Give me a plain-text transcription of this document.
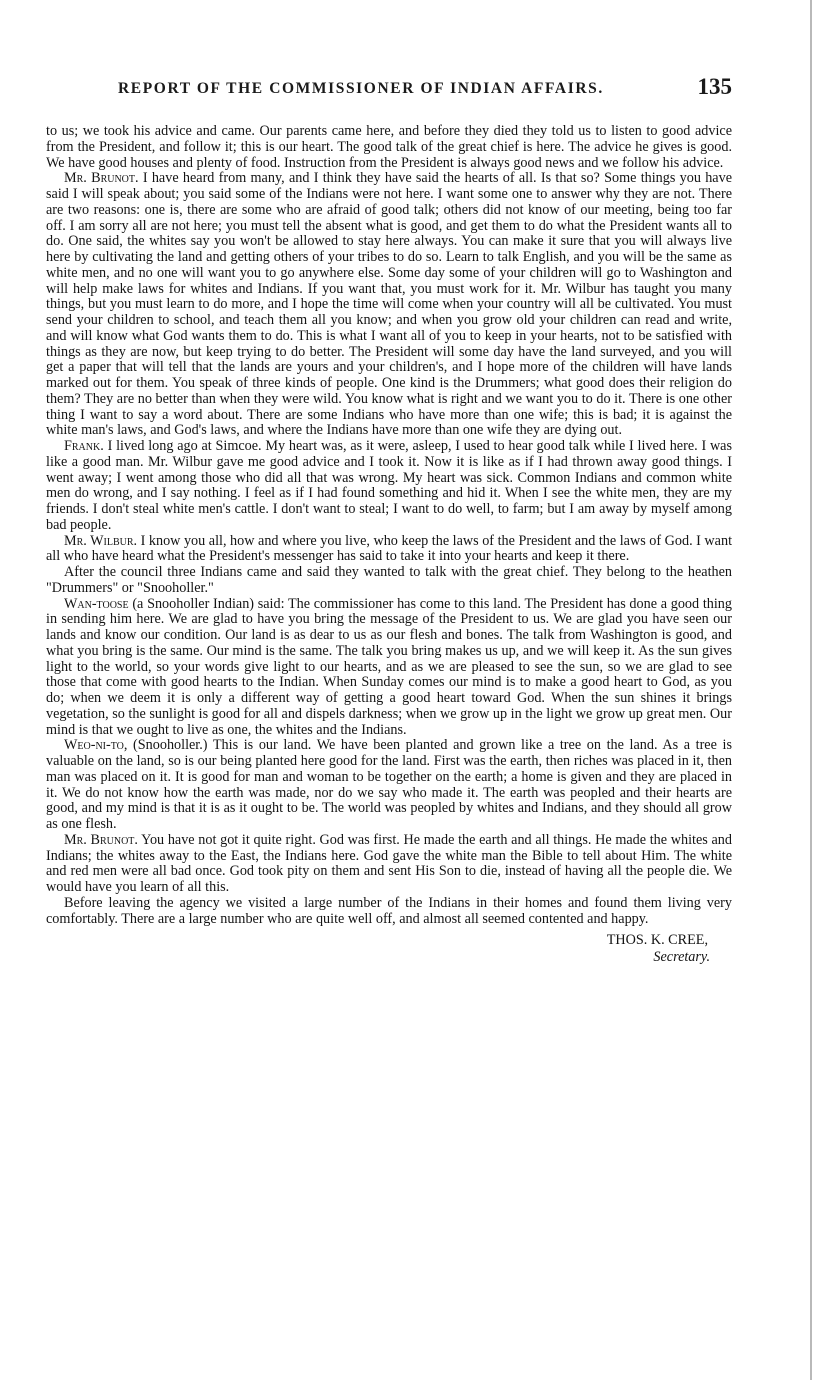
REPORT OF THE COMMISSIONER OF INDIAN AFFAIRS.	135

to us; we took his advice and came. Our parents came here, and before they died they told us to listen to good advice from the President, and follow it; this is our heart. The good talk of the great chief is here. The advice he gives is good. We have good houses and plenty of food. Instruction from the President is always good news and we follow his advice.

Mr. Brunot. I have heard from many, and I think they have said the hearts of all. Is that so? Some things you have said I will speak about; you said some of the Indians were not here. I want some one to answer why they are not. There are two reasons: one is, there are some who are afraid of good talk; others did not know of our meeting, being too far off. I am sorry all are not here; you must tell the absent what is good, and get them to do what the President wants all to do. One said, the whites say you won't be allowed to stay here always. You can make it sure that you will always live here by cultivating the land and getting others of your tribes to do so. Learn to talk English, and you will be the same as white men, and no one will want you to go anywhere else. Some day some of your children will go to Washington and will help make laws for whites and Indians. If you want that, you must work for it. Mr. Wilbur has taught you many things, but you must learn to do more, and I hope the time will come when your country will all be cultivated. You must send your children to school, and teach them all you know; and when you grow old your children can read and write, and will know what God wants them to do. This is what I want all of you to keep in your hearts, not to be satisfied with things as they are now, but keep trying to do better. The President will some day have the land surveyed, and you will get a paper that will tell that the lands are yours and your children's, and I hope more of the children will have lands marked out for them. You speak of three kinds of people. One kind is the Drummers; what good does their religion do them? They are no better than when they were wild. You know what is right and we want you to do it. There is one other thing I want to say a word about. There are some Indians who have more than one wife; this is bad; it is against the white man's laws, and God's laws, and where the Indians have more than one wife they are dying out.

Frank. I lived long ago at Simcoe. My heart was, as it were, asleep, I used to hear good talk while I lived here. I was like a good man. Mr. Wilbur gave me good advice and I took it. Now it is like as if I had thrown away good things. I went away; I went among those who did all that was wrong. My heart was sick. Common Indians and common white men do wrong, and I say nothing. I feel as if I had found something and hid it. When I see the white men, they are my friends. I don't steal white men's cattle. I don't want to steal; I want to do well, to farm; but I am away by myself among bad people.

Mr. Wilbur. I know you all, how and where you live, who keep the laws of the President and the laws of God. I want all who have heard what the President's messenger has said to take it into your hearts and keep it there.

After the council three Indians came and said they wanted to talk with the great chief. They belong to the heathen "Drummers" or "Snooholler."

Wan-toose (a Snooholler Indian) said: The commissioner has come to this land. The President has done a good thing in sending him here. We are glad to have you bring the message of the President to us. We are glad you have seen our lands and know our condition. Our land is as dear to us as our flesh and bones. The talk from Washington is good, and what you bring is the same. Our mind is the same. The talk you bring makes us up, and we will keep it. As the sun gives light to the world, so your words give light to our hearts, and as we are pleased to see the sun, so we are glad to see those that come with good hearts to the Indian. When Sunday comes our mind is to make a good heart to God, as you do; when we deem it is only a different way of getting a good heart toward God. When the sun shines it brings vegetation, so the sunlight is good for all and dispels darkness; when we grow up in the light we grow up great men. Our mind is that we ought to live as one, the whites and the Indians.

Weo-ni-to, (Snooholler.) This is our land. We have been planted and grown like a tree on the land. As a tree is valuable on the land, so is our being planted here good for the land. First was the earth, then riches was placed in it, then man was placed on it. It is good for man and woman to be together on the earth; a home is given and they are placed in it. We do not know how the earth was made, nor do we say who made it. The earth was peopled and their hearts are good, and my mind is that it is as it ought to be. The world was peopled by whites and Indians, and they should all grow as one flesh.

Mr. Brunot. You have not got it quite right. God was first. He made the earth and all things. He made the whites and Indians; the whites away to the East, the Indians here. God gave the white man the Bible to tell about Him. The white and red men were all bad once. God took pity on them and sent His Son to die, instead of having all the people die. We would have you learn of all this.

Before leaving the agency we visited a large number of the Indians in their homes and found them living very comfortably. There are a large number who are quite well off, and almost all seemed contented and happy.

THOS. K. CREE,
Secretary.
